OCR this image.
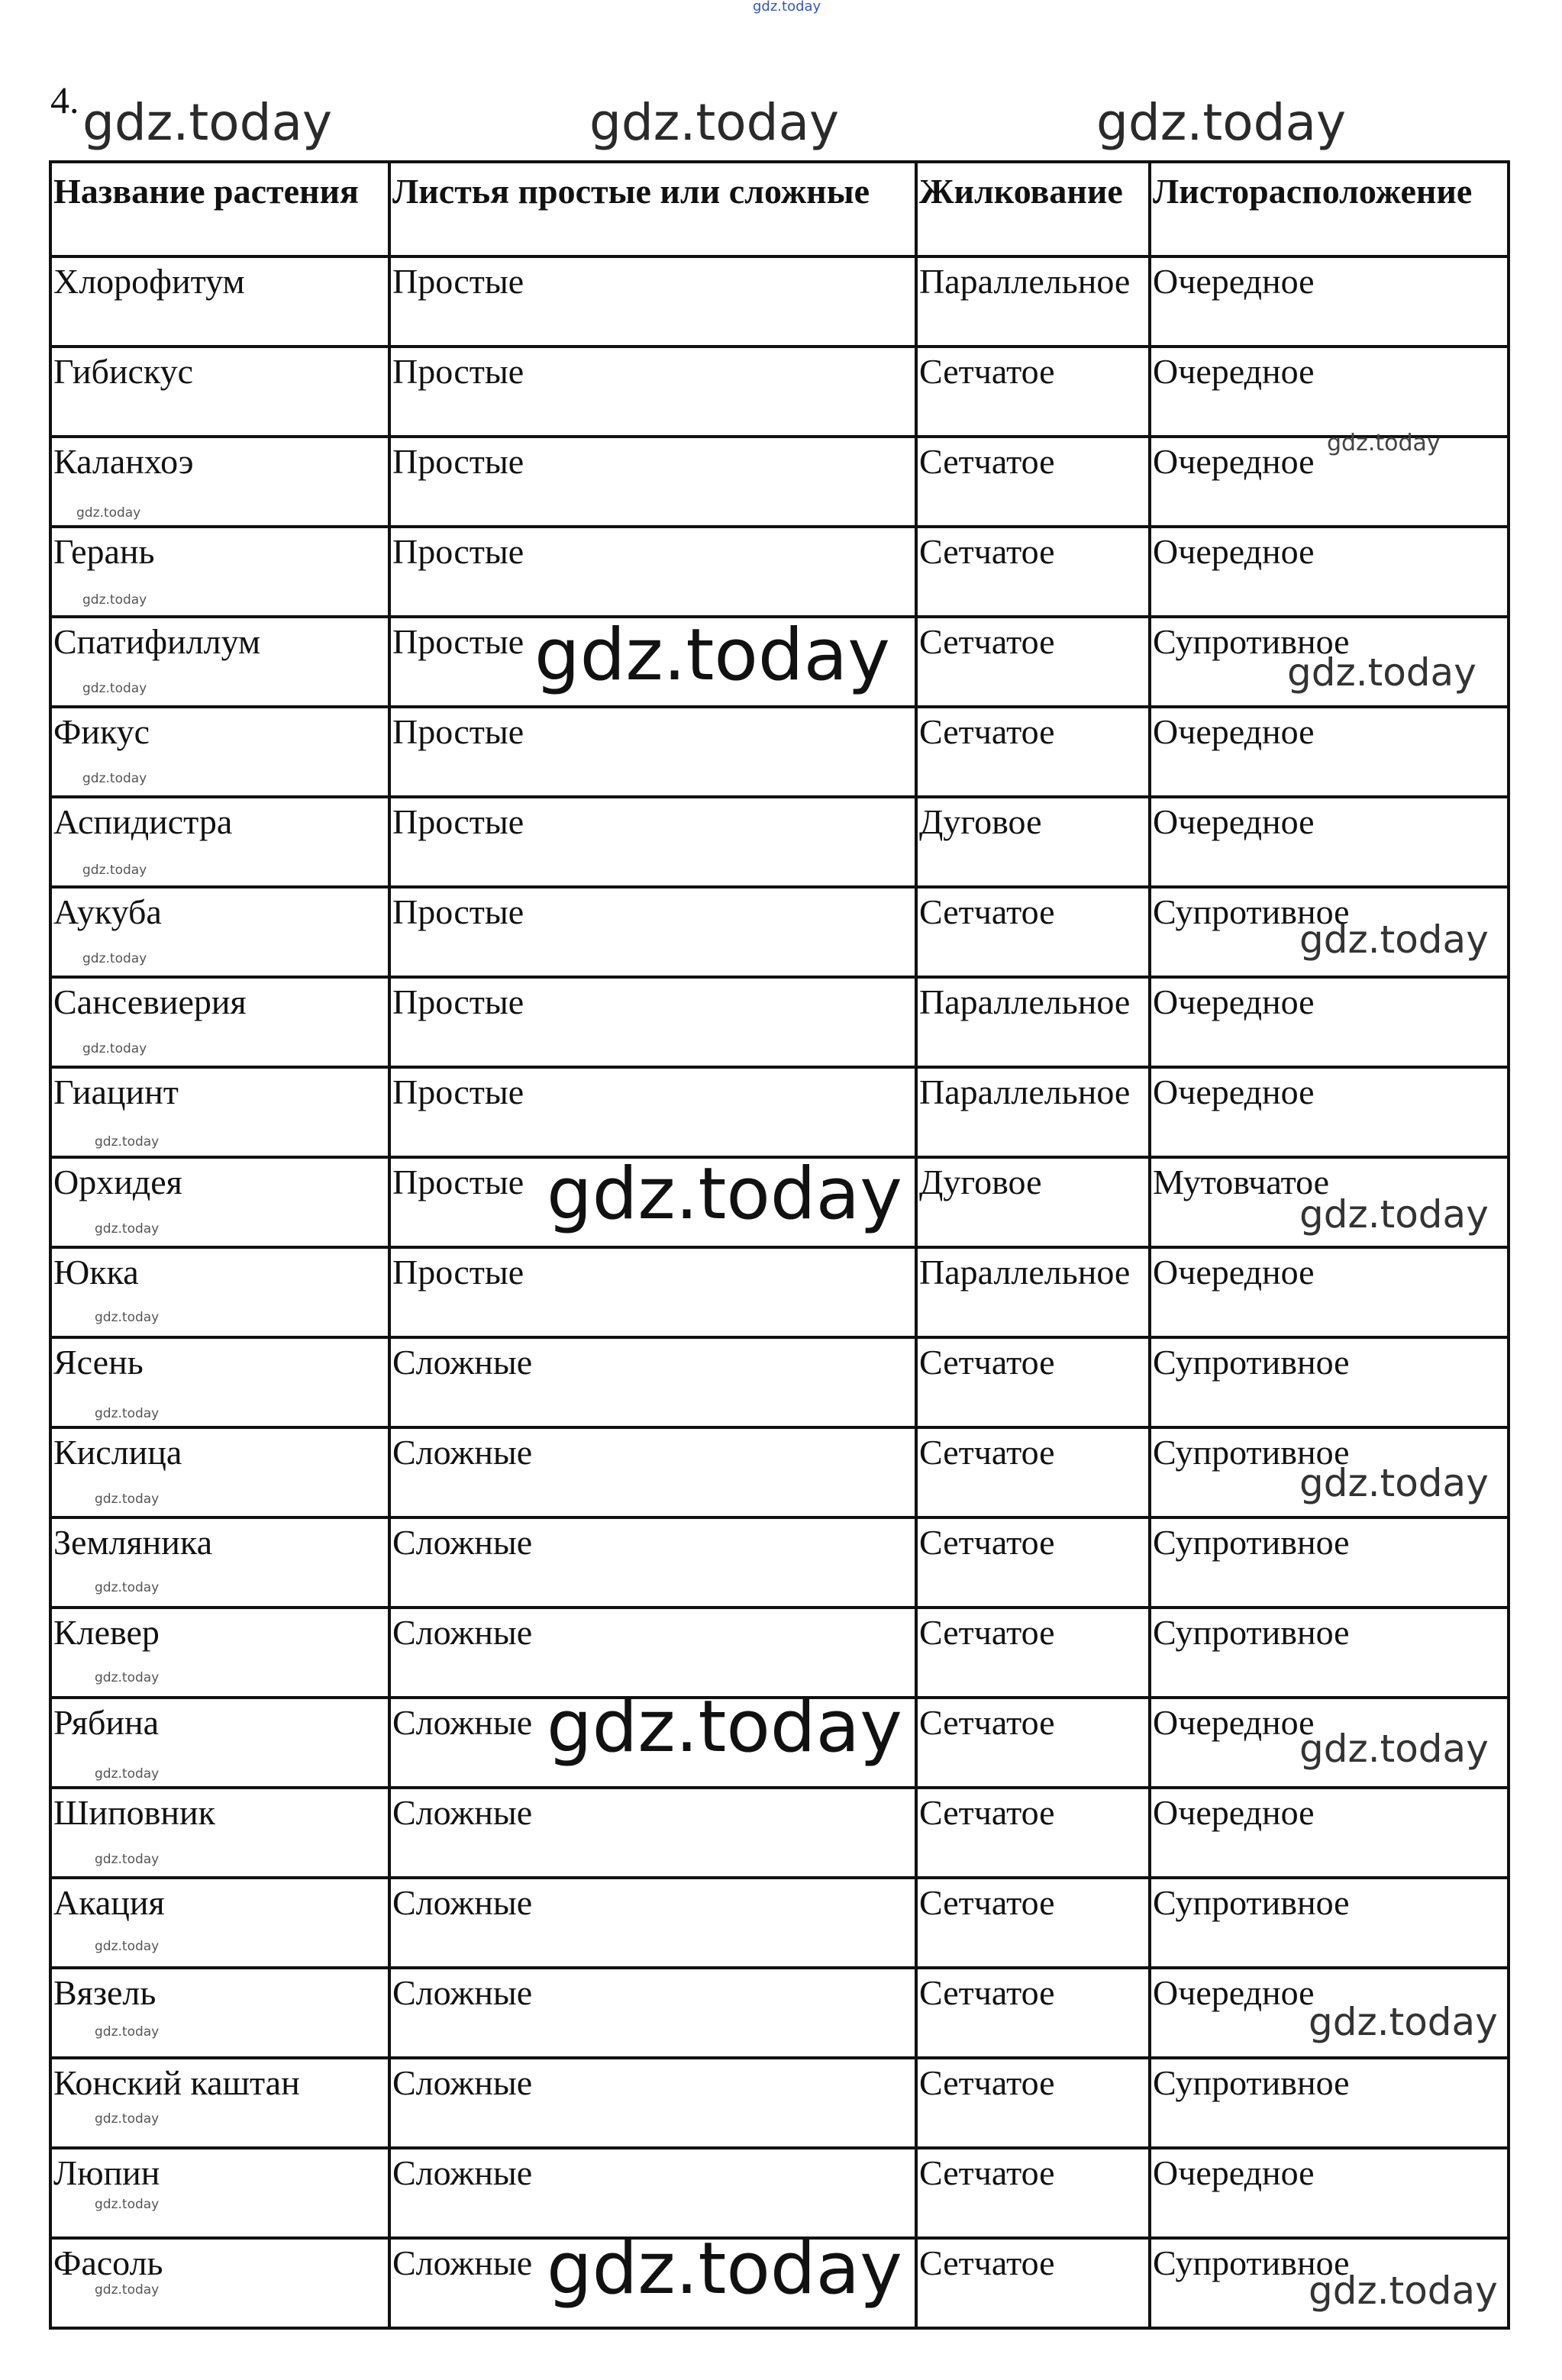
gdz.today
4. gdz.today	gdz.today	gdz.today
Название растения	Листья простые или сложные	Жилкование	Листорасположение
Хлорофитум	Простые	Параллельное	Очередное
Гибискус	Простые	Сетчатое	Очередное
Каланхоэ	Простые	Сетчатое	Очередное
Герань	Простые	Сетчатое	Очередное
Спатифиллум	Простые	Сетчатое	Супротивное
Фикус	Простые	Сетчатое	Очередное
Аспидистра	Простые	Дуговое	Очередное
Аукуба	Простые	Сетчатое	Супротивное
Сансевиерия	Простые	Параллельное	Очередное
Гиацинт	Простые	Параллельное	Очередное
Орхидея	Простые	Дуговое	Мутовчатое
Юкка	Простые	Параллельное	Очередное
Ясень	Сложные	Сетчатое	Супротивное
Кислица	Сложные	Сетчатое	Супротивное
Земляника	Сложные	Сетчатое	Супротивное
Клевер	Сложные	Сетчатое	Супротивное
Рябина	Сложные	Сетчатое	Очередное
Шиповник	Сложные	Сетчатое	Очередное
Акация	Сложные	Сетчатое	Супротивное
Вязель	Сложные	Сетчатое	Очередное
Конский каштан	Сложные	Сетчатое	Супротивное
Люпин	Сложные	Сетчатое	Очередное
Фасоль	Сложные	Сетчатое	Супротивное
gdz.today
gdz.today
gdz.today
gdz.today
gdz.today
gdz.today
gdz.today
gdz.today
gdz.today
gdz.today
gdz.today
gdz.today
gdz.today
gdz.today
gdz.today
gdz.today
gdz.today
gdz.today
gdz.today
gdz.today
gdz.today
gdz.today
gdz.today
gdz.today
gdz.today
gdz.today
gdz.today
gdz.today
gdz.today
gdz.today
gdz.today
gdz.today
gdz.today
